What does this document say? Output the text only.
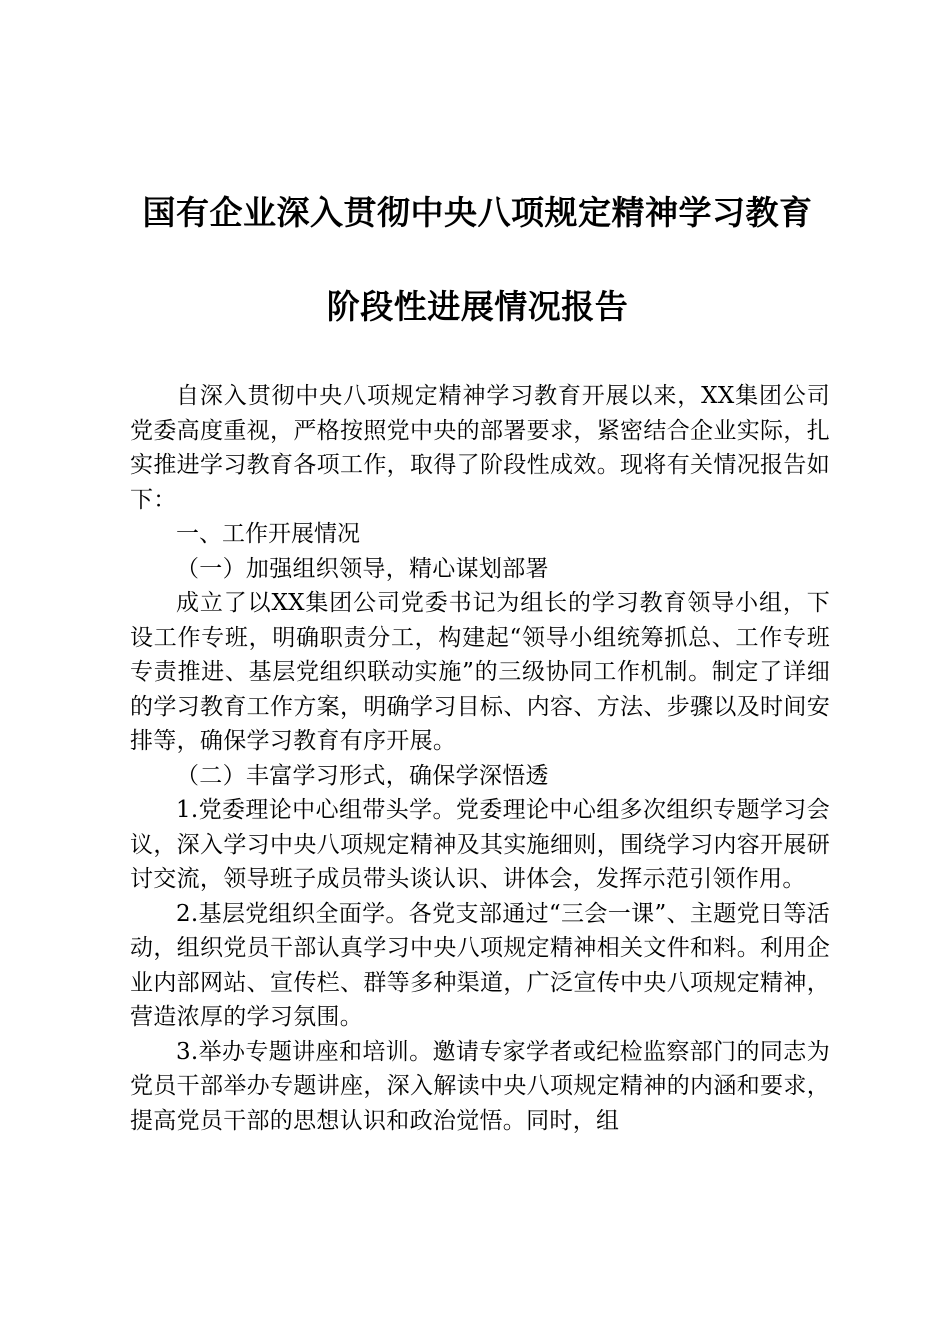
国有企业深入贯彻中央八项规定精神学习教育
阶段性进展情况报告

自深入贯彻中央八项规定精神学习教育开展以来，XX集团公司党委高度重视，严格按照党中央的部署要求，紧密结合企业实际，扎实推进学习教育各项工作，取得了阶段性成效。现将有关情况报告如下：

一、工作开展情况

（一）加强组织领导，精心谋划部署

成立了以XX集团公司党委书记为组长的学习教育领导小组，下设工作专班，明确职责分工，构建起“领导小组统筹抓总、工作专班专责推进、基层党组织联动实施”的三级协同工作机制。制定了详细的学习教育工作方案，明确学习目标、内容、方法、步骤以及时间安排等，确保学习教育有序开展。

（二）丰富学习形式，确保学深悟透

1.党委理论中心组带头学。党委理论中心组多次组织专题学习会议，深入学习中央八项规定精神及其实施细则，围绕学习内容开展研讨交流，领导班子成员带头谈认识、讲体会，发挥示范引领作用。

2.基层党组织全面学。各党支部通过“三会一课”、主题党日等活动，组织党员干部认真学习中央八项规定精神相关文件和料。利用企业内部网站、宣传栏、群等多种渠道，广泛宣传中央八项规定精神，营造浓厚的学习氛围。

3.举办专题讲座和培训。邀请专家学者或纪检监察部门的同志为党员干部举办专题讲座，深入解读中央八项规定精神的内涵和要求，提高党员干部的思想认识和政治觉悟。同时，组
